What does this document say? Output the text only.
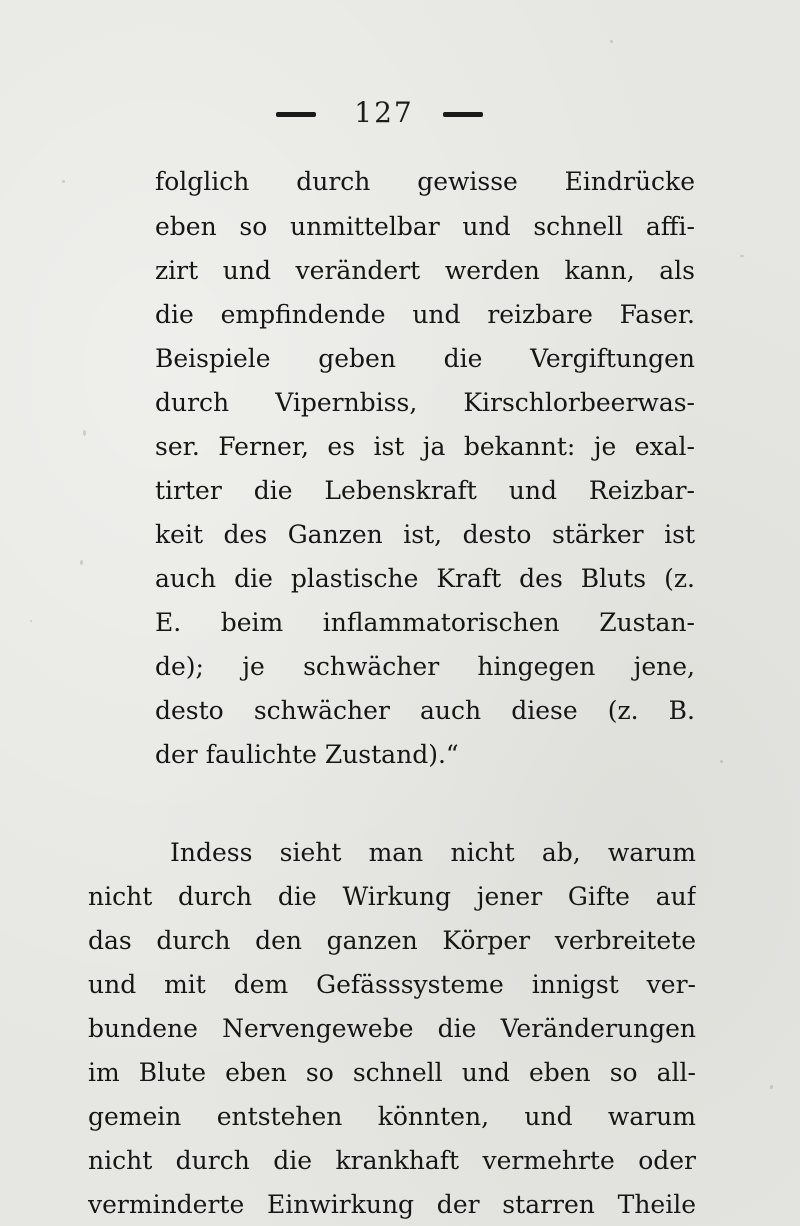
127
folglich durch gewisse Eindrücke
eben so unmittelbar und schnell affi-
zirt und verändert werden kann, als
die empfindende und reizbare Faser.
Beispiele geben die Vergiftungen
durch Vipernbiss, Kirschlorbeerwas-
ser. Ferner, es ist ja bekannt: je exal-
tirter die Lebenskraft und Reizbar-
keit des Ganzen ist, desto stärker ist
auch die plastische Kraft des Bluts (z.
E. beim inflammatorischen Zustan-
de); je schwächer hingegen jene,
desto schwächer auch diese (z. B.
der faulichte Zustand).“
Indess sieht man nicht ab, warum
nicht durch die Wirkung jener Gifte auf
das durch den ganzen Körper verbreitete
und mit dem Gefässsysteme innigst ver-
bundene Nervengewebe die Veränderungen
im Blute eben so schnell und eben so all-
gemein entstehen könnten, und warum
nicht durch die krankhaft vermehrte oder
verminderte Einwirkung der starren Theile
